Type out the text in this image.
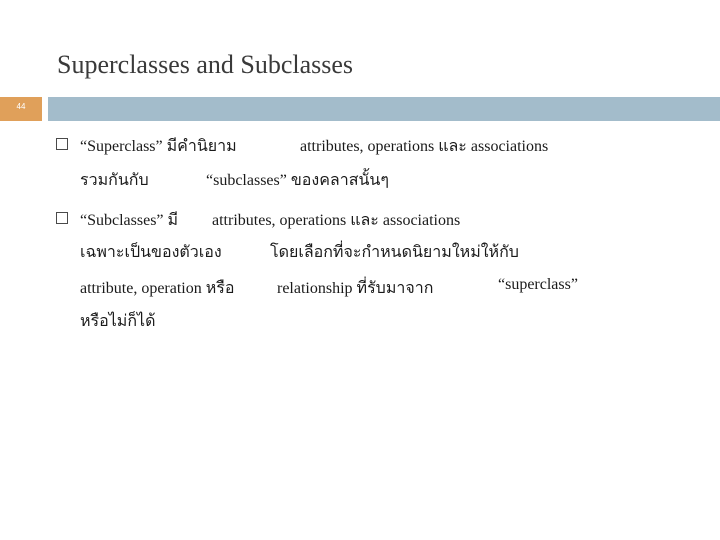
Superclasses and Subclasses
44
“Superclass” มีคำนิยาม	attributes, operations และ associations
รวมกันกับ	“subclasses” ของคลาสนั้นๆ
“Subclasses” มี attributes, operations และ associations
เฉพาะเป็นของตัวเอง	โดยเลือกที่จะกำหนดนิยามใหม่ให้กับ
attribute, operation หรือ	relationship ที่รับมาจาก	“superclass”
หรือไม่ก็ได้
